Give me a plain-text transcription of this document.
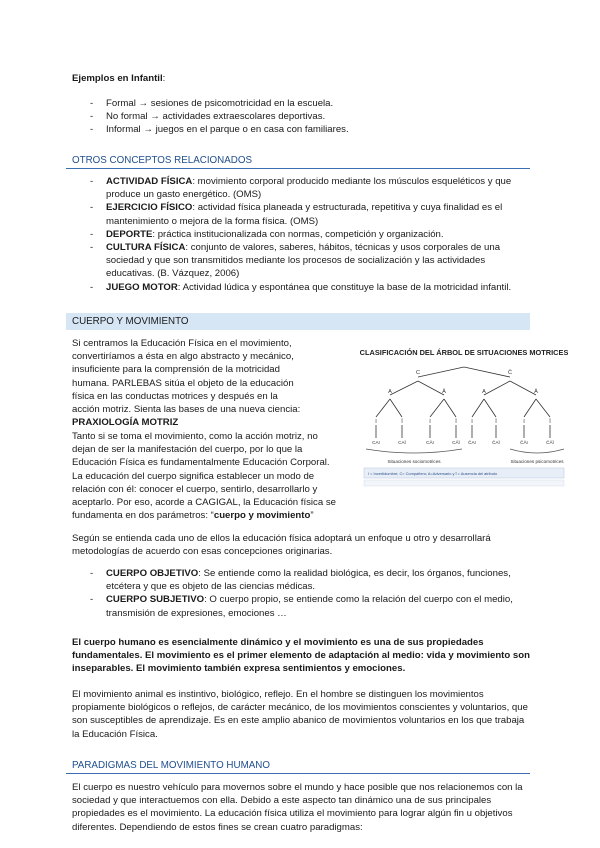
Ejemplos en Infantil:
- Formal → sesiones de psicomotricidad en la escuela.
- No formal → actividades extraescolares deportivas.
- Informal → juegos en el parque o en casa con familiares.
OTROS CONCEPTOS RELACIONADOS
- ACTIVIDAD FÍSICA: movimiento corporal producido mediante los músculos esqueléticos y que produce un gasto energético. (OMS)
- EJERCICIO FÍSICO: actividad física planeada y estructurada, repetitiva y cuya finalidad es el mantenimiento o mejora de la forma física. (OMS)
- DEPORTE: práctica institucionalizada con normas, competición y organización.
- CULTURA FÍSICA: conjunto de valores, saberes, hábitos, técnicas y usos corporales de una sociedad y que son transmitidos mediante los procesos de socialización y las actividades educativas. (B. Vázquez, 2006)
- JUEGO MOTOR: Actividad lúdica y espontánea que constituye la base de la motricidad infantil.
CUERPO Y MOVIMIENTO
Si centramos la Educación Física en el movimiento, convertiríamos a ésta en algo abstracto y mecánico, insuficiente para la comprensión de la motricidad humana. PARLEBAS sitúa el objeto de la educación física en las conductas motrices y después en la acción motriz. Sienta las bases de una nueva ciencia: PRAXIOLOGÍA MOTRIZ
Tanto si se toma el movimiento, como la acción motriz, no dejan de ser la manifestación del cuerpo, por lo que la Educación Física es fundamentalmente Educación Corporal. La educación del cuerpo significa establecer un modo de relación con él: conocer el cuerpo, sentirlo, desarrollarlo y aceptarlo. Por eso, acorde a CAGIGAL, la Educación física se fundamenta en dos parámetros: “cuerpo y movimiento”
CLASIFICACIÓN DEL ÁRBOL DE SITUACIONES MOTRICES
C	C̄
A	Ā	A	Ā
I	Ī	I	Ī	I	Ī	I	Ī
CAI	CAĪ	CĀI	CĀĪ C̄AI	C̄AĪ	C̄ĀI	C̄ĀĪ
Situaciones sociomotrices	Situaciones psicomotrices
I = Incertidumbre; C= Compañero; A=Adversario y Ī = Ausencia del atributo
Según se entienda cada uno de ellos la educación física adoptará un enfoque u otro y desarrollará metodologías de acuerdo con esas concepciones originarias.
- CUERPO OBJETIVO: Se entiende como la realidad biológica, es decir, los órganos, funciones, etcétera y que es objeto de las ciencias médicas.
- CUERPO SUBJETIVO: O cuerpo propio, se entiende como la relación del cuerpo con el medio, transmisión de expresiones, emociones …
El cuerpo humano es esencialmente dinámico y el movimiento es una de sus propiedades fundamentales. El movimiento es el primer elemento de adaptación al medio: vida y movimiento son inseparables. El movimiento también expresa sentimientos y emociones.
El movimiento animal es instintivo, biológico, reflejo. En el hombre se distinguen los movimientos propiamente biológicos o reflejos, de carácter mecánico, de los movimientos conscientes y voluntarios, que son susceptibles de aprendizaje. Es en este amplio abanico de movimientos voluntarios en los que trabaja la Educación Física.
PARADIGMAS DEL MOVIMIENTO HUMANO
El cuerpo es nuestro vehículo para movernos sobre el mundo y hace posible que nos relacionemos con la sociedad y que interactuemos con ella. Debido a este aspecto tan dinámico una de sus principales propiedades es el movimiento. La educación física utiliza el movimiento para lograr algún fin u objetivos diferentes. Dependiendo de estos fines se crean cuatro paradigmas:
